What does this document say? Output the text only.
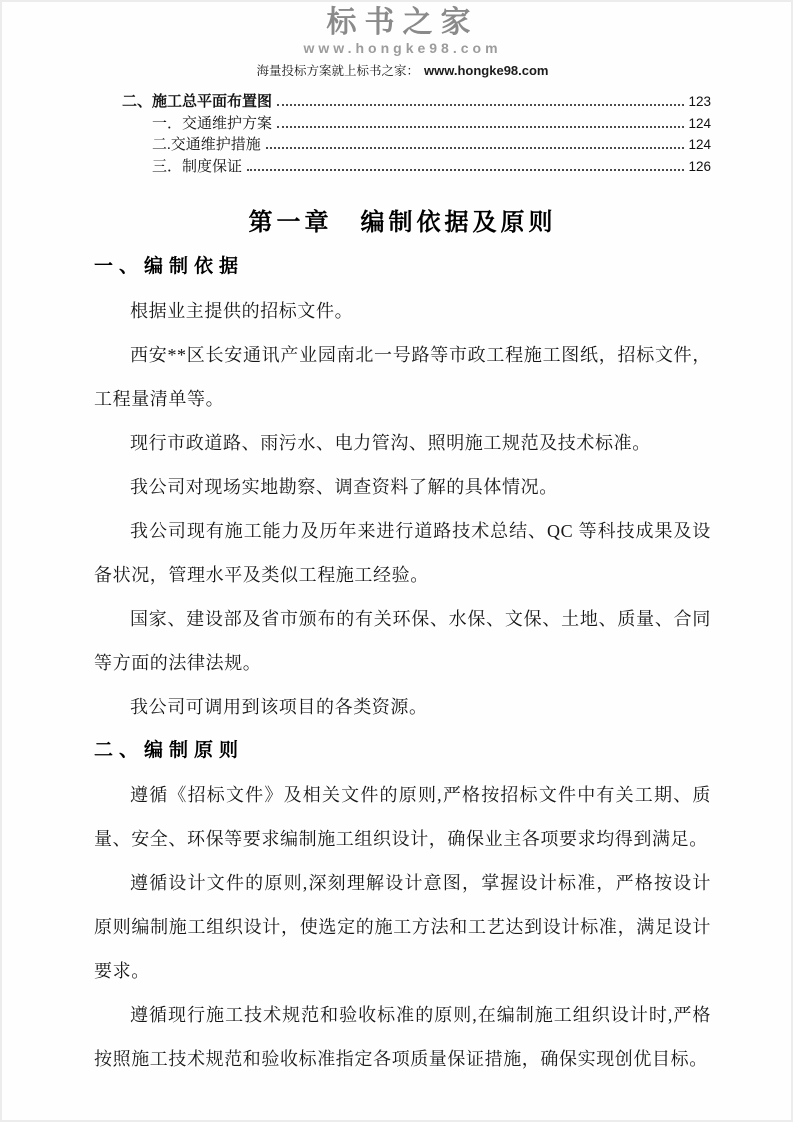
标书之家
www.hongke98.com
海量投标方案就上标书之家： www.hongke98.com
二、施工总平面布置图	123
一．交通维护方案	124
二.交通维护措施	124
三．制度保证	126
第一章　编制依据及原则
一、编制依据

根据业主提供的招标文件。

西安**区长安通讯产业园南北一号路等市政工程施工图纸，招标文件，工程量清单等。

现行市政道路、雨污水、电力管沟、照明施工规范及技术标准。

我公司对现场实地勘察、调查资料了解的具体情况。

我公司现有施工能力及历年来进行道路技术总结、QC 等科技成果及设备状况，管理水平及类似工程施工经验。

国家、建设部及省市颁布的有关环保、水保、文保、土地、质量、合同等方面的法律法规。

我公司可调用到该项目的各类资源。

二、编制原则

遵循《招标文件》及相关文件的原则,严格按招标文件中有关工期、质量、安全、环保等要求编制施工组织设计，确保业主各项要求均得到满足。

遵循设计文件的原则,深刻理解设计意图，掌握设计标准，严格按设计原则编制施工组织设计，使选定的施工方法和工艺达到设计标准，满足设计要求。

遵循现行施工技术规范和验收标准的原则,在编制施工组织设计时,严格按照施工技术规范和验收标准指定各项质量保证措施，确保实现创优目标。
